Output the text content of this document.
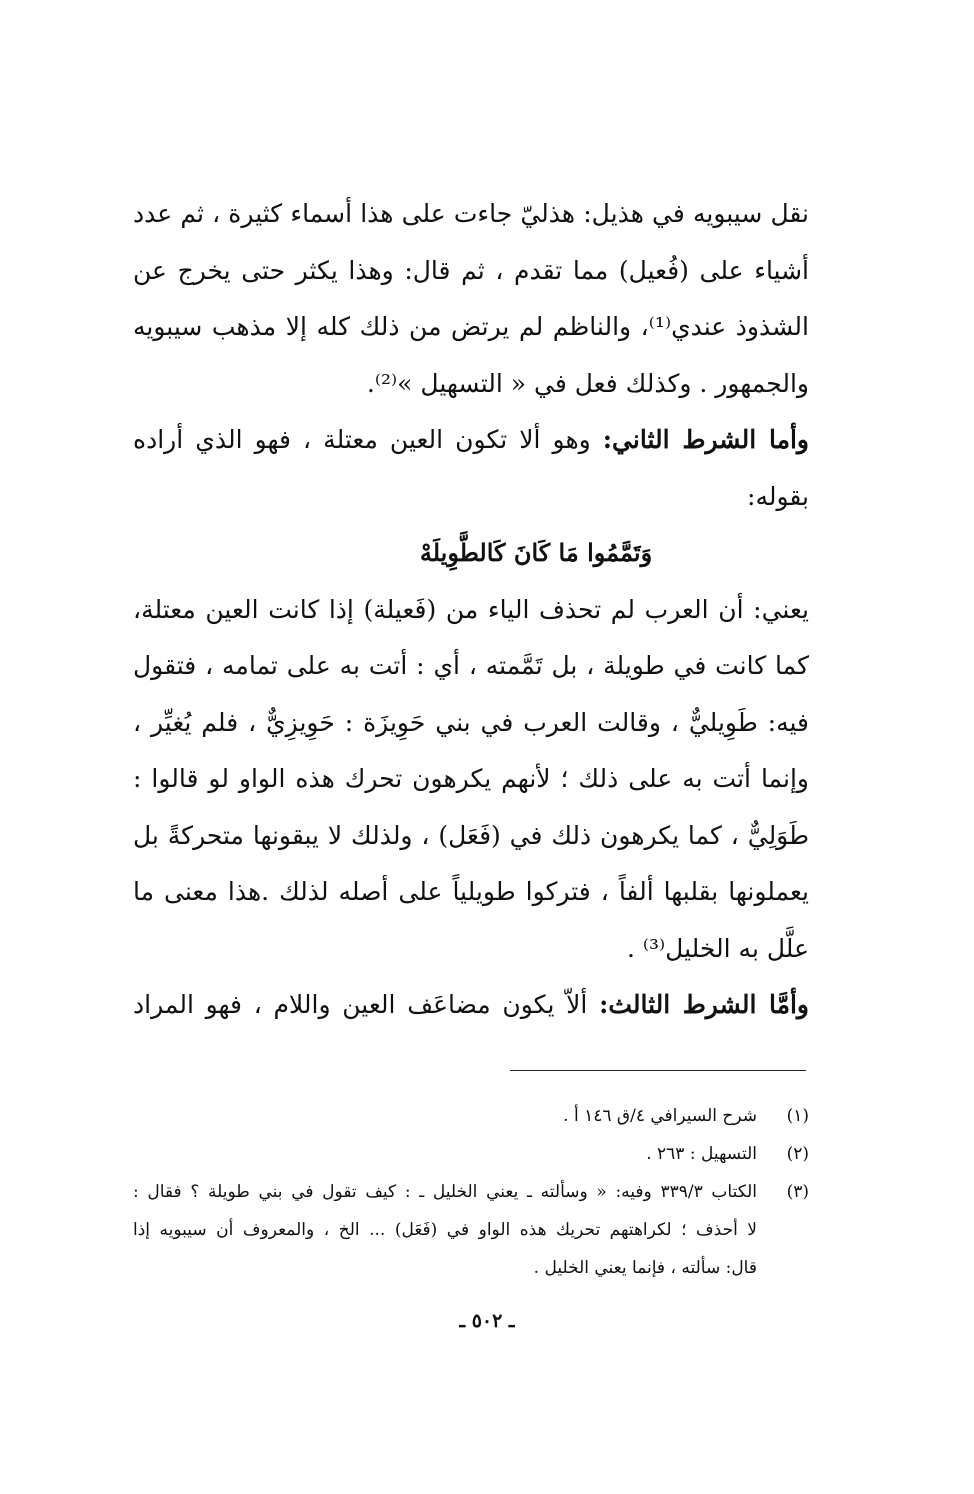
نقل سيبويه في هذيل: هذليّ جاءت على هذا أسماء كثيرة ، ثم عدد
أشياء على (فُعيل) مما تقدم ، ثم قال: وهذا يكثر حتى يخرج عن
الشذوذ عندي⁽¹⁾، والناظم لم يرتض من ذلك كله إلا مذهب سيبويه
والجمهور . وكذلك فعل في « التسهيل »⁽²⁾.
وأما الشرط الثاني: وهو ألا تكون العين معتلة ، فهو الذي أراده
بقوله:
وَتَمَّمُوا مَا كَانَ كَالطَّوِيلَهْ
يعني: أن العرب لم تحذف الياء من (فَعيلة) إذا كانت العين معتلة،
كما كانت في طويلة ، بل تَمَّمته ، أي : أتت به على تمامه ، فتقول
فيه: طَوِيليٌّ ، وقالت العرب في بني حَوِيزَة : حَوِيزِيٌّ ، فلم يُغيِّر ،
وإنما أتت به على ذلك ؛ لأنهم يكرهون تحرك هذه الواو لو قالوا :
طَوَلِيٌّ ، كما يكرهون ذلك في (فَعَل) ، ولذلك لا يبقونها متحركةً بل
يعملونها بقلبها ألفاً ، فتركوا طويلياً على أصله لذلك .هذا معنى ما
علَّل به الخليل⁽³⁾ .
وأمَّا الشرط الثالث: ألاّ يكون مضاعَف العين واللام ، فهو المراد
(١)
شرح السيرافي ٤/ق ١٤٦ أ .
(٢)
التسهيل : ٢٦٣ .
(٣)
الكتاب ٣٣٩/٣ وفيه: « وسألته ـ يعني الخليل ـ : كيف تقول في بني طويلة ؟ فقال :
لا أحذف ؛ لكراهتهم تحريك هذه الواو في (فَعَل) ... الخ ، والمعروف أن سيبويه إذا
قال: سألته ، فإنما يعني الخليل .
ـ ٥٠٢ ـ
